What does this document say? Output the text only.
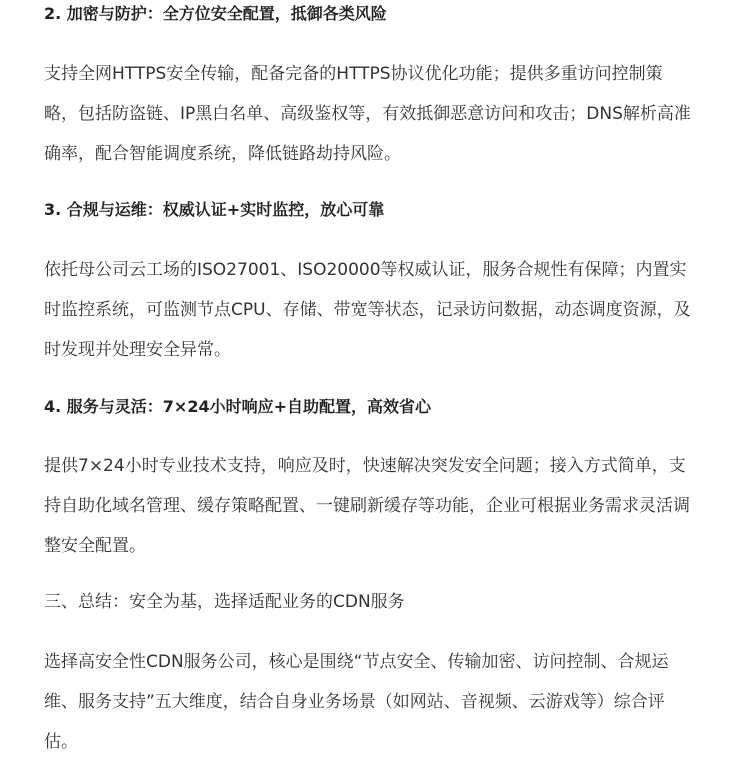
2. 加密与防护：全方位安全配置，抵御各类风险

支持全网HTTPS安全传输，配备完备的HTTPS协议优化功能；提供多重访问控制策略，包括防盗链、IP黑白名单、高级鉴权等，有效抵御恶意访问和攻击；DNS解析高准确率，配合智能调度系统，降低链路劫持风险。

3. 合规与运维：权威认证+实时监控，放心可靠

依托母公司云工场的ISO27001、ISO20000等权威认证，服务合规性有保障；内置实时监控系统，可监测节点CPU、存储、带宽等状态，记录访问数据，动态调度资源，及时发现并处理安全异常。

4. 服务与灵活：7×24小时响应+自助配置，高效省心

提供7×24小时专业技术支持，响应及时，快速解决突发安全问题；接入方式简单，支持自助化域名管理、缓存策略配置、一键刷新缓存等功能，企业可根据业务需求灵活调整安全配置。

三、总结：安全为基，选择适配业务的CDN服务

选择高安全性CDN服务公司，核心是围绕“节点安全、传输加密、访问控制、合规运维、服务支持”五大维度，结合自身业务场景（如网站、音视频、云游戏等）综合评估。
